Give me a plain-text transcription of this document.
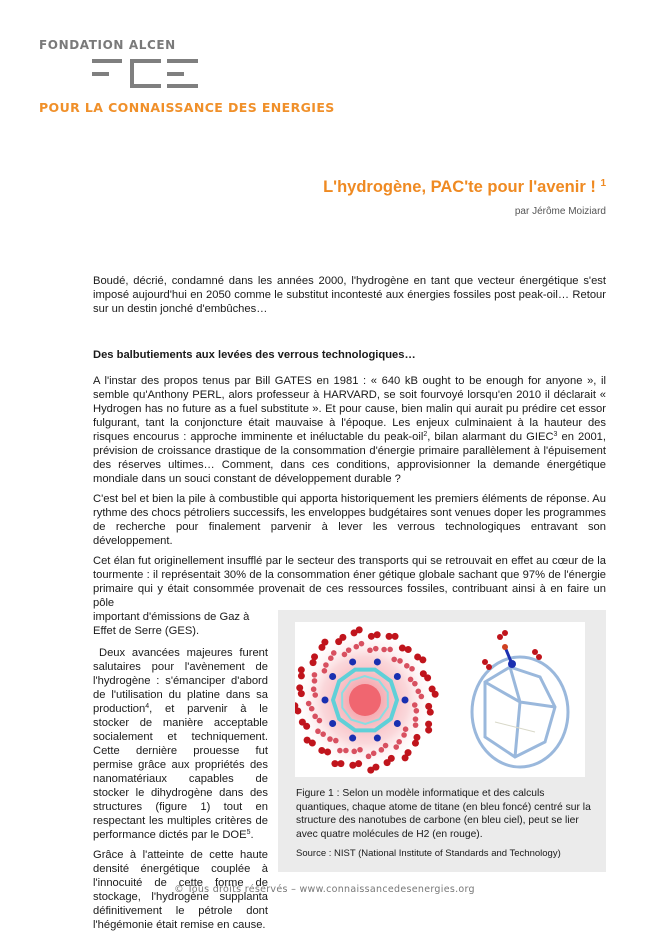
FONDATION ALCEN
POUR LA CONNAISSANCE DES ENERGIES
L'hydrogène, PAC'te pour l'avenir ! $^1$
par Jérôme Moiziard

Boudé, décrié, condamné dans les années 2000, l'hydrogène en tant que vecteur énergétique s'est imposé aujourd'hui en 2050 comme le substitut incontesté aux énergies fossiles post peak-oil… Retour sur un destin jonché d'embûches…

Des balbutiements aux levées des verrous technologiques…

A l'instar des propos tenus par Bill GATES en 1981 : « 640 kB ought to be enough for anyone », il semble qu'Anthony PERL, alors professeur à HARVARD, se soit fourvoyé lorsqu'en 2010 il déclarait « Hydrogen has no future as a fuel substitute ». Et pour cause, bien malin qui aurait pu prédire cet essor fulgurant, tant la conjoncture était mauvaise à l'époque. Les enjeux culminaient à la hauteur des risques encourus : approche imminente et inéluctable du peak-oil$^2$, bilan alarmant du GIEC$^3$ en 2001, prévision de croissance drastique de la consommation d'énergie primaire parallèlement à l'épuisement des réserves ultimes… Comment, dans ces conditions, approvisionner la demande énergétique mondiale dans un souci constant de développement durable ?

C'est bel et bien la pile à combustible qui apporta historiquement les premiers éléments de réponse. Au rythme des chocs pétroliers successifs, les enveloppes budgétaires sont venues doper les programmes de recherche pour finalement parvenir à lever les verrous technologiques entravant son développement.

Cet élan fut originellement insufflé par le secteur des transports qui se retrouvait en effet au cœur de la tourmente : il représentait 30% de la consommation éner gétique globale sachant que 97% de l'énergie primaire qui y était consommée provenait de ces ressources fossiles, contribuant ainsi à en faire un pôle

important d'émissions de Gaz à Effet de Serre (GES).

Deux avancées majeures furent salutaires pour l'avènement de l'hydrogène : s'émanciper d'abord de l'utilisation du platine dans sa production$^4$, et parvenir à le stocker de manière acceptable socialement et techniquement. Cette dernière prouesse fut permise grâce aux propriétés des nanomatériaux capables de stocker le dihydrogène dans des structures (figure 1) tout en respectant les multiples critères de performance dictés par le DOE$^5$.

Grâce à l'atteinte de cette haute densité énergétique couplée à l'innocuité de cette forme de stockage, l'hydrogène supplanta définitivement le pétrole dont l'hégémonie était remise en cause.

Figure 1 : Selon un modèle informatique et des calculs quantiques, chaque atome de titane (en bleu foncé) centré sur la structure des nanotubes de carbone (en bleu ciel), peut se lier avec quatre molécules de H2 (en rouge).
Source : NIST (National Institute of Standards and Technology)
© Tous droits réservés – www.connaissancedesenergies.org
